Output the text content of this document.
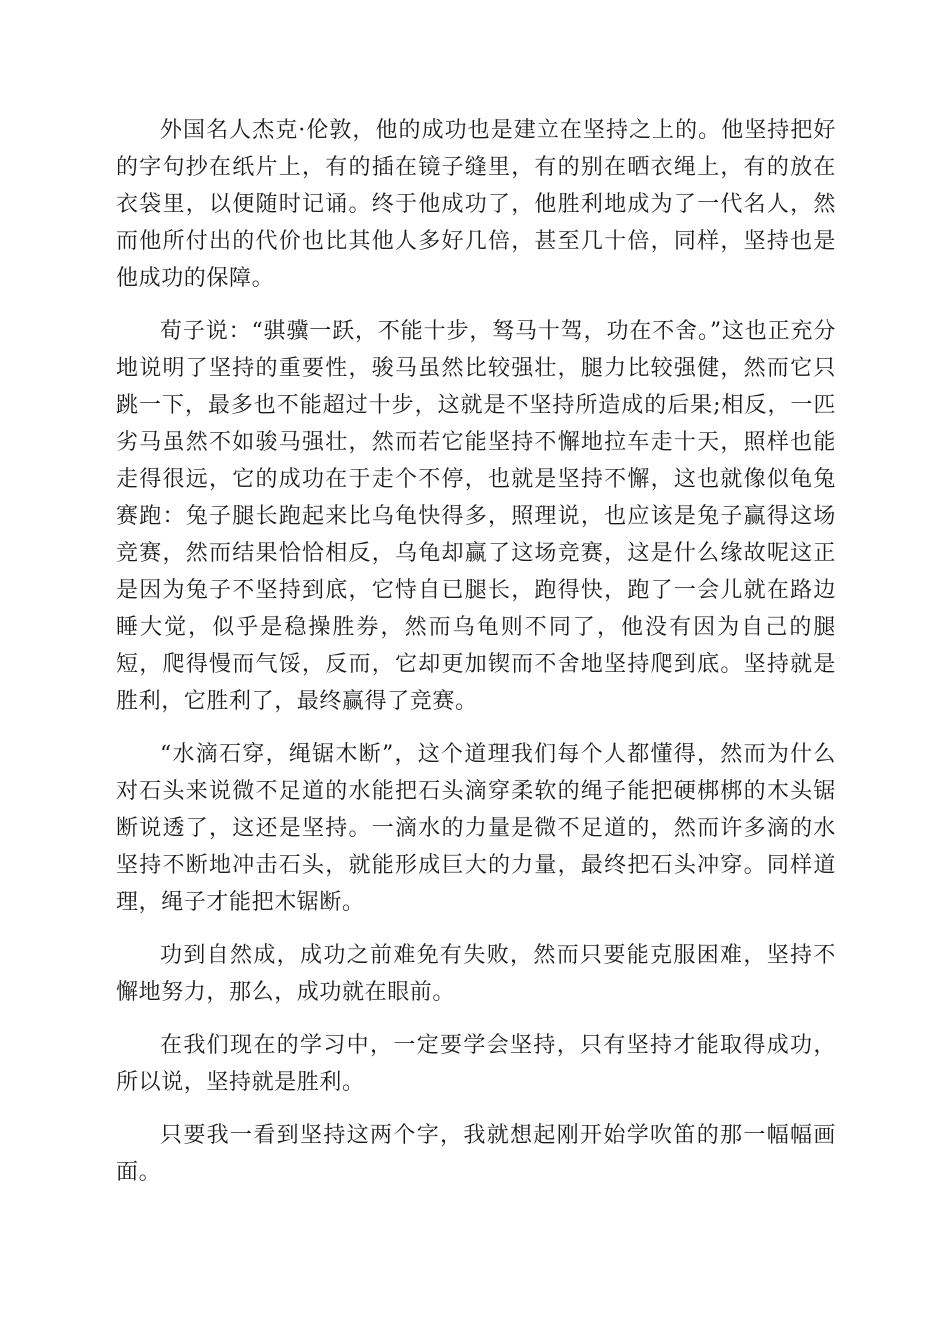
外国名人杰克·伦敦，他的成功也是建立在坚持之上的。他坚持把好的字句抄在纸片上，有的插在镜子缝里，有的别在晒衣绳上，有的放在衣袋里，以便随时记诵。终于他成功了，他胜利地成为了一代名人，然而他所付出的代价也比其他人多好几倍，甚至几十倍，同样，坚持也是他成功的保障。

荀子说：“骐骥一跃，不能十步，驽马十驾，功在不舍。”这也正充分地说明了坚持的重要性，骏马虽然比较强壮，腿力比较强健，然而它只跳一下，最多也不能超过十步，这就是不坚持所造成的后果;相反，一匹劣马虽然不如骏马强壮，然而若它能坚持不懈地拉车走十天，照样也能走得很远，它的成功在于走个不停，也就是坚持不懈，这也就像似龟兔赛跑：兔子腿长跑起来比乌龟快得多，照理说，也应该是兔子赢得这场竞赛，然而结果恰恰相反，乌龟却赢了这场竞赛，这是什么缘故呢这正是因为兔子不坚持到底，它恃自已腿长，跑得快，跑了一会儿就在路边睡大觉，似乎是稳操胜券，然而乌龟则不同了，他没有因为自己的腿短，爬得慢而气馁，反而，它却更加锲而不舍地坚持爬到底。坚持就是胜利，它胜利了，最终赢得了竞赛。

“水滴石穿，绳锯木断”，这个道理我们每个人都懂得，然而为什么对石头来说微不足道的水能把石头滴穿柔软的绳子能把硬梆梆的木头锯断说透了，这还是坚持。一滴水的力量是微不足道的，然而许多滴的水坚持不断地冲击石头，就能形成巨大的力量，最终把石头冲穿。同样道理，绳子才能把木锯断。

功到自然成，成功之前难免有失败，然而只要能克服困难，坚持不懈地努力，那么，成功就在眼前。

在我们现在的学习中，一定要学会坚持，只有坚持才能取得成功，所以说，坚持就是胜利。

只要我一看到坚持这两个字，我就想起刚开始学吹笛的那一幅幅画面。
